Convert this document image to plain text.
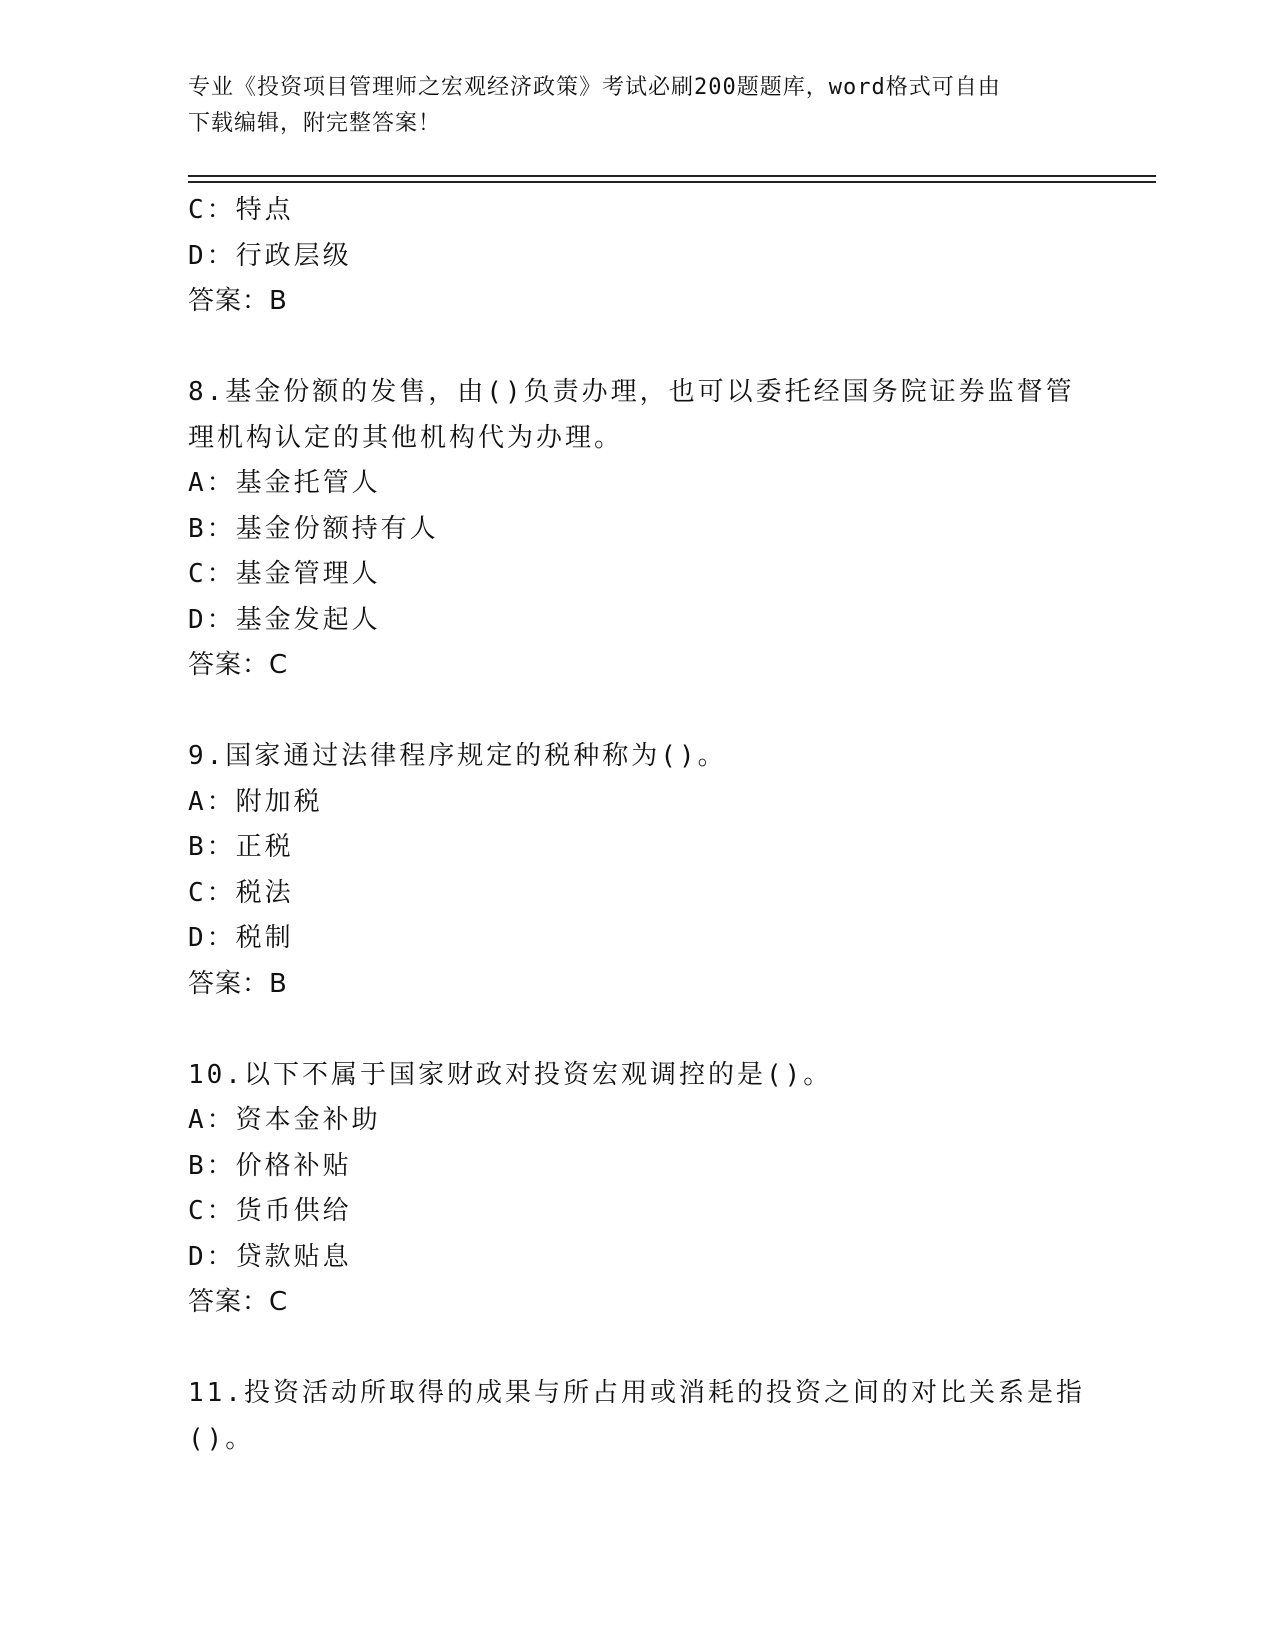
专业《投资项目管理师之宏观经济政策》考试必刷200题题库，word格式可自由
下载编辑，附完整答案！
C：特点
D：行政层级
答案：B
8.基金份额的发售，由()负责办理，也可以委托经国务院证券监督管
理机构认定的其他机构代为办理。
A：基金托管人
B：基金份额持有人
C：基金管理人
D：基金发起人
答案：C
9.国家通过法律程序规定的税种称为()。
A：附加税
B：正税
C：税法
D：税制
答案：B
10.以下不属于国家财政对投资宏观调控的是()。
A：资本金补助
B：价格补贴
C：货币供给
D：贷款贴息
答案：C
11.投资活动所取得的成果与所占用或消耗的投资之间的对比关系是指
()。
